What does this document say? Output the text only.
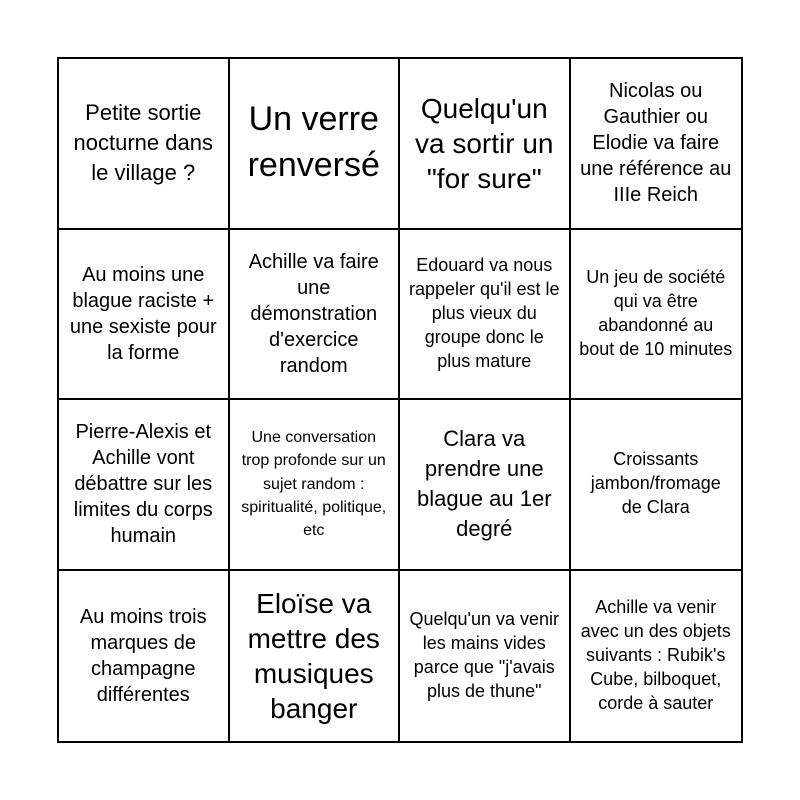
Petite sortie nocturne dans le village ?
Un verre renversé
Quelqu'un va sortir un "for sure"
Nicolas ou Gauthier ou Elodie va faire une référence au IIIe Reich
Au moins une blague raciste + une sexiste pour la forme
Achille va faire une démonstration d'exercice random
Edouard va nous rappeler qu'il est le plus vieux du groupe donc le plus mature
Un jeu de société qui va être abandonné au bout de 10 minutes
Pierre-Alexis et Achille vont débattre sur les limites du corps humain
Une conversation trop profonde sur un sujet random : spiritualité, politique, etc
Clara va prendre une blague au 1er degré
Croissants jambon/fromage de Clara
Au moins trois marques de champagne différentes
Eloïse va mettre des musiques banger
Quelqu'un va venir les mains vides parce que "j'avais plus de thune"
Achille va venir avec un des objets suivants : Rubik's Cube, bilboquet, corde à sauter
